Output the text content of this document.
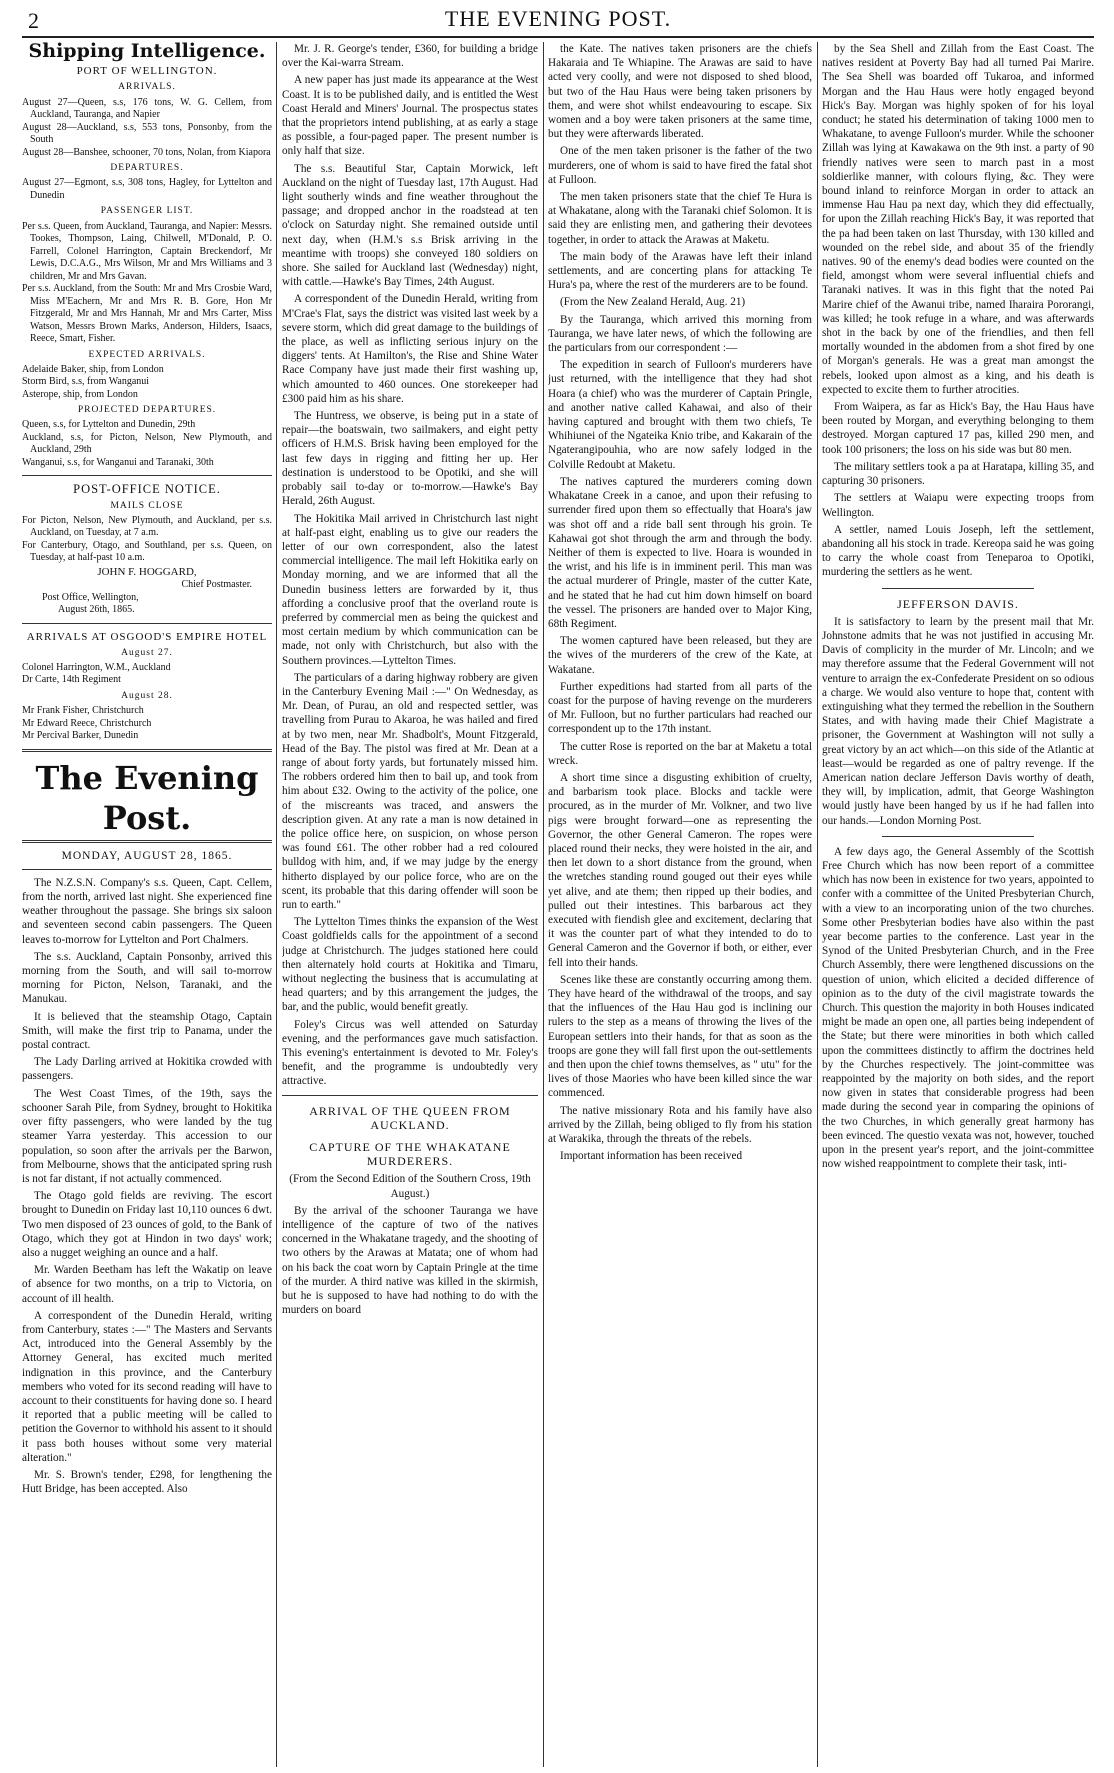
2	THE EVENING POST.
Shipping Intelligence.
PORT OF WELLINGTON.
ARRIVALS.

August 27—Queen, s.s, 176 tons, W. G. Cellem, from Auckland, Tauranga, and Napier

August 28—Auckland, s.s, 553 tons, Ponsonby, from the South

August 28—Banshee, schooner, 70 tons, Nolan, from Kiapora

DEPARTURES.

August 27—Egmont, s.s, 308 tons, Hagley, for Lyttelton and Dunedin

PASSENGER LIST.

Per s.s. Queen, from Auckland, Tauranga, and Napier: Messrs. Tookes, Thompson, Laing, Chilwell, M'Donald, P. O. Farrell, Colonel Harrington, Captain Breckendorf, Mr Lewis, D.C.A.G., Mrs Wilson, Mr and Mrs Williams and 3 children, Mr and Mrs Gavan.

Per s.s. Auckland, from the South: Mr and Mrs Crosbie Ward, Miss M'Eachern, Mr and Mrs R. B. Gore, Hon Mr Fitzgerald, Mr and Mrs Hannah, Mr and Mrs Carter, Miss Watson, Messrs Brown Marks, Anderson, Hilders, Isaacs, Reece, Smart, Fisher.

EXPECTED ARRIVALS.

Adelaide Baker, ship, from London

Storm Bird, s.s, from Wanganui

Asterope, ship, from London

PROJECTED DEPARTURES.

Queen, s.s, for Lyttelton and Dunedin, 29th

Auckland, s.s, for Picton, Nelson, New Plymouth, and Auckland, 29th

Wanganui, s.s, for Wanganui and Taranaki, 30th

POST-OFFICE NOTICE.
MAILS CLOSE

For Picton, Nelson, New Plymouth, and Auckland, per s.s. Auckland, on Tuesday, at 7 a.m.

For Canterbury, Otago, and Southland, per s.s. Queen, on Tuesday, at half-past 10 a.m.

JOHN F. HOGGARD,
Chief Postmaster.
Post Office, Wellington,
August 26th, 1865.
ARRIVALS AT OSGOOD'S EMPIRE HOTEL
August 27.

Colonel Harrington, W.M., Auckland

Dr Carte, 14th Regiment

August 28.

Mr Frank Fisher, Christchurch

Mr Edward Reece, Christchurch

Mr Percival Barker, Dunedin

The Evening Post.
MONDAY, AUGUST 28, 1865.

The N.Z.S.N. Company's s.s. Queen, Capt. Cellem, from the north, arrived last night. She experienced fine weather throughout the passage. She brings six saloon and seventeen second cabin passengers. The Queen leaves to-morrow for Lyttelton and Port Chalmers.

The s.s. Auckland, Captain Ponsonby, arrived this morning from the South, and will sail to-morrow morning for Picton, Nelson, Taranaki, and the Manukau.

It is believed that the steamship Otago, Captain Smith, will make the first trip to Panama, under the postal contract.

The Lady Darling arrived at Hokitika crowded with passengers.

The West Coast Times, of the 19th, says the schooner Sarah Pile, from Sydney, brought to Hokitika over fifty passengers, who were landed by the tug steamer Yarra yesterday. This accession to our population, so soon after the arrivals per the Barwon, from Melbourne, shows that the anticipated spring rush is not far distant, if not actually commenced.

The Otago gold fields are reviving. The escort brought to Dunedin on Friday last 10,110 ounces 6 dwt. Two men disposed of 23 ounces of gold, to the Bank of Otago, which they got at Hindon in two days' work; also a nugget weighing an ounce and a half.

Mr. Warden Beetham has left the Wakatip on leave of absence for two months, on a trip to Victoria, on account of ill health.

A correspondent of the Dunedin Herald, writing from Canterbury, states :—" The Masters and Servants Act, introduced into the General Assembly by the Attorney General, has excited much merited indignation in this province, and the Canterbury members who voted for its second reading will have to account to their constituents for having done so. I heard it reported that a public meeting will be called to petition the Governor to withhold his assent to it should it pass both houses without some very material alteration."

Mr. S. Brown's tender, £298, for lengthening the Hutt Bridge, has been accepted. Also

Mr. J. R. George's tender, £360, for building a bridge over the Kai-warra Stream.

A new paper has just made its appearance at the West Coast. It is to be published daily, and is entitled the West Coast Herald and Miners' Journal. The prospectus states that the proprietors intend publishing, at as early a stage as possible, a four-paged paper. The present number is only half that size.

The s.s. Beautiful Star, Captain Morwick, left Auckland on the night of Tuesday last, 17th August. Had light southerly winds and fine weather throughout the passage; and dropped anchor in the roadstead at ten o'clock on Saturday night. She remained outside until next day, when (H.M.'s s.s Brisk arriving in the meantime with troops) she conveyed 180 soldiers on shore. She sailed for Auckland last (Wednesday) night, with cattle.—Hawke's Bay Times, 24th August.

A correspondent of the Dunedin Herald, writing from M'Crae's Flat, says the district was visited last week by a severe storm, which did great damage to the buildings of the place, as well as inflicting serious injury on the diggers' tents. At Hamilton's, the Rise and Shine Water Race Company have just made their first washing up, which amounted to 460 ounces. One storekeeper had £300 paid him as his share.

The Huntress, we observe, is being put in a state of repair—the boatswain, two sailmakers, and eight petty officers of H.M.S. Brisk having been employed for the last few days in rigging and fitting her up. Her destination is understood to be Opotiki, and she will probably sail to-day or to-morrow.—Hawke's Bay Herald, 26th August.

The Hokitika Mail arrived in Christchurch last night at half-past eight, enabling us to give our readers the letter of our own correspondent, also the latest commercial intelligence. The mail left Hokitika early on Monday morning, and we are informed that all the Dunedin business letters are forwarded by it, thus affording a conclusive proof that the overland route is preferred by commercial men as being the quickest and most certain medium by which communication can be made, not only with Christchurch, but also with the Southern provinces.—Lyttelton Times.

The particulars of a daring highway robbery are given in the Canterbury Evening Mail :—" On Wednesday, as Mr. Dean, of Purau, an old and respected settler, was travelling from Purau to Akaroa, he was hailed and fired at by two men, near Mr. Shadbolt's, Mount Fitzgerald, Head of the Bay. The pistol was fired at Mr. Dean at a range of about forty yards, but fortunately missed him. The robbers ordered him then to bail up, and took from him about £32. Owing to the activity of the police, one of the miscreants was traced, and answers the description given. At any rate a man is now detained in the police office here, on suspicion, on whose person was found £61. The other robber had a red coloured bulldog with him, and, if we may judge by the energy hitherto displayed by our police force, who are on the scent, its probable that this daring offender will soon be run to earth."

The Lyttelton Times thinks the expansion of the West Coast goldfields calls for the appointment of a second judge at Christchurch. The judges stationed here could then alternately hold courts at Hokitika and Timaru, without neglecting the business that is accumulating at head quarters; and by this arrangement the judges, the bar, and the public, would benefit greatly.

Foley's Circus was well attended on Saturday evening, and the performances gave much satisfaction. This evening's entertainment is devoted to Mr. Foley's benefit, and the programme is undoubtedly very attractive.

ARRIVAL OF THE QUEEN FROM AUCKLAND.
CAPTURE OF THE WHAKATANE MURDERERS.

(From the Second Edition of the Southern Cross, 19th August.)

By the arrival of the schooner Tauranga we have intelligence of the capture of two of the natives concerned in the Whakatane tragedy, and the shooting of two others by the Arawas at Matata; one of whom had on his back the coat worn by Captain Pringle at the time of the murder. A third native was killed in the skirmish, but he is supposed to have had nothing to do with the murders on board

the Kate. The natives taken prisoners are the chiefs Hakaraia and Te Whiapine. The Arawas are said to have acted very coolly, and were not disposed to shed blood, but two of the Hau Haus were being taken prisoners by them, and were shot whilst endeavouring to escape. Six women and a boy were taken prisoners at the same time, but they were afterwards liberated.

One of the men taken prisoner is the father of the two murderers, one of whom is said to have fired the fatal shot at Fulloon.

The men taken prisoners state that the chief Te Hura is at Whakatane, along with the Taranaki chief Solomon. It is said they are enlisting men, and gathering their devotees together, in order to attack the Arawas at Maketu.

The main body of the Arawas have left their inland settlements, and are concerting plans for attacking Te Hura's pa, where the rest of the murderers are to be found.

(From the New Zealand Herald, Aug. 21)

By the Tauranga, which arrived this morning from Tauranga, we have later news, of which the following are the particulars from our correspondent :—

The expedition in search of Fulloon's murderers have just returned, with the intelligence that they had shot Hoara (a chief) who was the murderer of Captain Pringle, and another native called Kahawai, and also of their having captured and brought with them two chiefs, Te Whihiunei of the Ngateika Knio tribe, and Kakarain of the Ngaterangipouhia, who are now safely lodged in the Colville Redoubt at Maketu.

The natives captured the murderers coming down Whakatane Creek in a canoe, and upon their refusing to surrender fired upon them so effectually that Hoara's jaw was shot off and a ride ball sent through his groin. Te Kahawai got shot through the arm and through the body. Neither of them is expected to live. Hoara is wounded in the wrist, and his life is in imminent peril. This man was the actual murderer of Pringle, master of the cutter Kate, and he stated that he had cut him down himself on board the vessel. The prisoners are handed over to Major King, 68th Regiment.

The women captured have been released, but they are the wives of the murderers of the crew of the Kate, at Wakatane.

Further expeditions had started from all parts of the coast for the purpose of having revenge on the murderers of Mr. Fulloon, but no further particulars had reached our correspondent up to the 17th instant.

The cutter Rose is reported on the bar at Maketu a total wreck.

A short time since a disgusting exhibition of cruelty, and barbarism took place. Blocks and tackle were procured, as in the murder of Mr. Volkner, and two live pigs were brought forward—one as representing the Governor, the other General Cameron. The ropes were placed round their necks, they were hoisted in the air, and then let down to a short distance from the ground, when the wretches standing round gouged out their eyes while yet alive, and ate them; then ripped up their bodies, and pulled out their intestines. This barbarous act they executed with fiendish glee and excitement, declaring that it was the counter part of what they intended to do to General Cameron and the Governor if both, or either, ever fell into their hands.

Scenes like these are constantly occurring among them. They have heard of the withdrawal of the troops, and say that the influences of the Hau Hau god is inclining our rulers to the step as a means of throwing the lives of the European settlers into their hands, for that as soon as the troops are gone they will fall first upon the out-settlements and then upon the chief towns themselves, as " utu" for the lives of those Maories who have been killed since the war commenced.

The native missionary Rota and his family have also arrived by the Zillah, being obliged to fly from his station at Warakika, through the threats of the rebels.

Important information has been received

by the Sea Shell and Zillah from the East Coast. The natives resident at Poverty Bay had all turned Pai Marire. The Sea Shell was boarded off Tukaroa, and informed Morgan and the Hau Haus were hotly engaged beyond Hick's Bay. Morgan was highly spoken of for his loyal conduct; he stated his determination of taking 1000 men to Whakatane, to avenge Fulloon's murder. While the schooner Zillah was lying at Kawakawa on the 9th inst. a party of 90 friendly natives were seen to march past in a most soldierlike manner, with colours flying, &c. They were bound inland to reinforce Morgan in order to attack an immense Hau Hau pa next day, which they did effectually, for upon the Zillah reaching Hick's Bay, it was reported that the pa had been taken on last Thursday, with 130 killed and wounded on the rebel side, and about 35 of the friendly natives. 90 of the enemy's dead bodies were counted on the field, amongst whom were several influential chiefs and Taranaki natives. It was in this fight that the noted Pai Marire chief of the Awanui tribe, named Iharaira Pororangi, was killed; he took refuge in a whare, and was afterwards shot in the back by one of the friendlies, and then fell mortally wounded in the abdomen from a shot fired by one of Morgan's generals. He was a great man amongst the rebels, looked upon almost as a king, and his death is expected to excite them to further atrocities.

From Waipera, as far as Hick's Bay, the Hau Haus have been routed by Morgan, and everything belonging to them destroyed. Morgan captured 17 pas, killed 290 men, and took 100 prisoners; the loss on his side was but 80 men.

The military settlers took a pa at Haratapa, killing 35, and capturing 30 prisoners.

The settlers at Waiapu were expecting troops from Wellington.

A settler, named Louis Joseph, left the settlement, abandoning all his stock in trade. Kereopa said he was going to carry the whole coast from Teneparoa to Opotiki, murdering the settlers as he went.

JEFFERSON DAVIS.

It is satisfactory to learn by the present mail that Mr. Johnstone admits that he was not justified in accusing Mr. Davis of complicity in the murder of Mr. Lincoln; and we may therefore assume that the Federal Government will not venture to arraign the ex-Confederate President on so odious a charge. We would also venture to hope that, content with extinguishing what they termed the rebellion in the Southern States, and with having made their Chief Magistrate a prisoner, the Government at Washington will not sully a great victory by an act which—on this side of the Atlantic at least—would be regarded as one of paltry revenge. If the American nation declare Jefferson Davis worthy of death, they will, by implication, admit, that George Washington would justly have been hanged by us if he had fallen into our hands.—London Morning Post.

A few days ago, the General Assembly of the Scottish Free Church which has now been report of a committee which has now been in existence for two years, appointed to confer with a committee of the United Presbyterian Church, with a view to an incorporating union of the two churches. Some other Presbyterian bodies have also within the past year become parties to the conference. Last year in the Synod of the United Presbyterian Church, and in the Free Church Assembly, there were lengthened discussions on the question of union, which elicited a decided difference of opinion as to the duty of the civil magistrate towards the Church. This question the majority in both Houses indicated might be made an open one, all parties being independent of the State; but there were minorities in both which called upon the committees distinctly to affirm the doctrines held by the Churches respectively. The joint-committee was reappointed by the majority on both sides, and the report now given in states that considerable progress had been made during the second year in comparing the opinions of the two Churches, in which generally great harmony has been evinced. The questio vexata was not, however, touched upon in the present year's report, and the joint-committee now wished reappointment to complete their task, inti-
